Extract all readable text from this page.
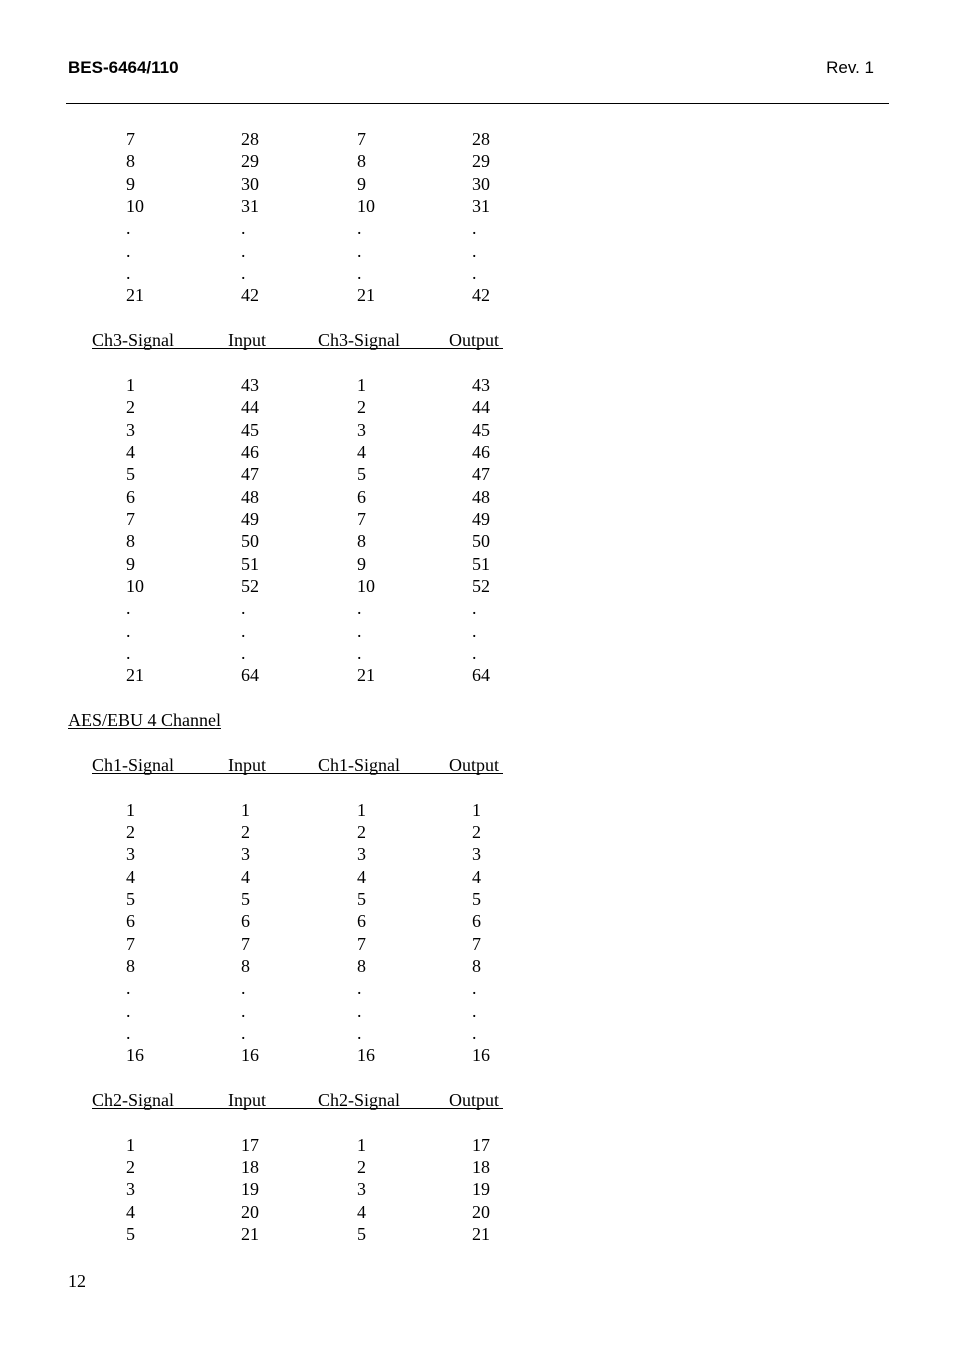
BES-6464/110	Rev. 1
7	28	7	28
8	29	8	29
9	30	9	30
10	31	10	31
.	.	.	.
.	.	.	.
.	.	.	.
21	42	21	42
Ch3-Signal	Input	Ch3-Signal	Output
1	43	1	43
2	44	2	44
3	45	3	45
4	46	4	46
5	47	5	47
6	48	6	48
7	49	7	49
8	50	8	50
9	51	9	51
10	52	10	52
.	.	.	.
.	.	.	.
.	.	.	.
21	64	21	64
AES/EBU 4 Channel
Ch1-Signal	Input	Ch1-Signal	Output
1	1	1	1
2	2	2	2
3	3	3	3
4	4	4	4
5	5	5	5
6	6	6	6
7	7	7	7
8	8	8	8
.	.	.	.
.	.	.	.
.	.	.	.
16	16	16	16
Ch2-Signal	Input	Ch2-Signal	Output
1	17	1	17
2	18	2	18
3	19	3	19
4	20	4	20
5	21	5	21
12
